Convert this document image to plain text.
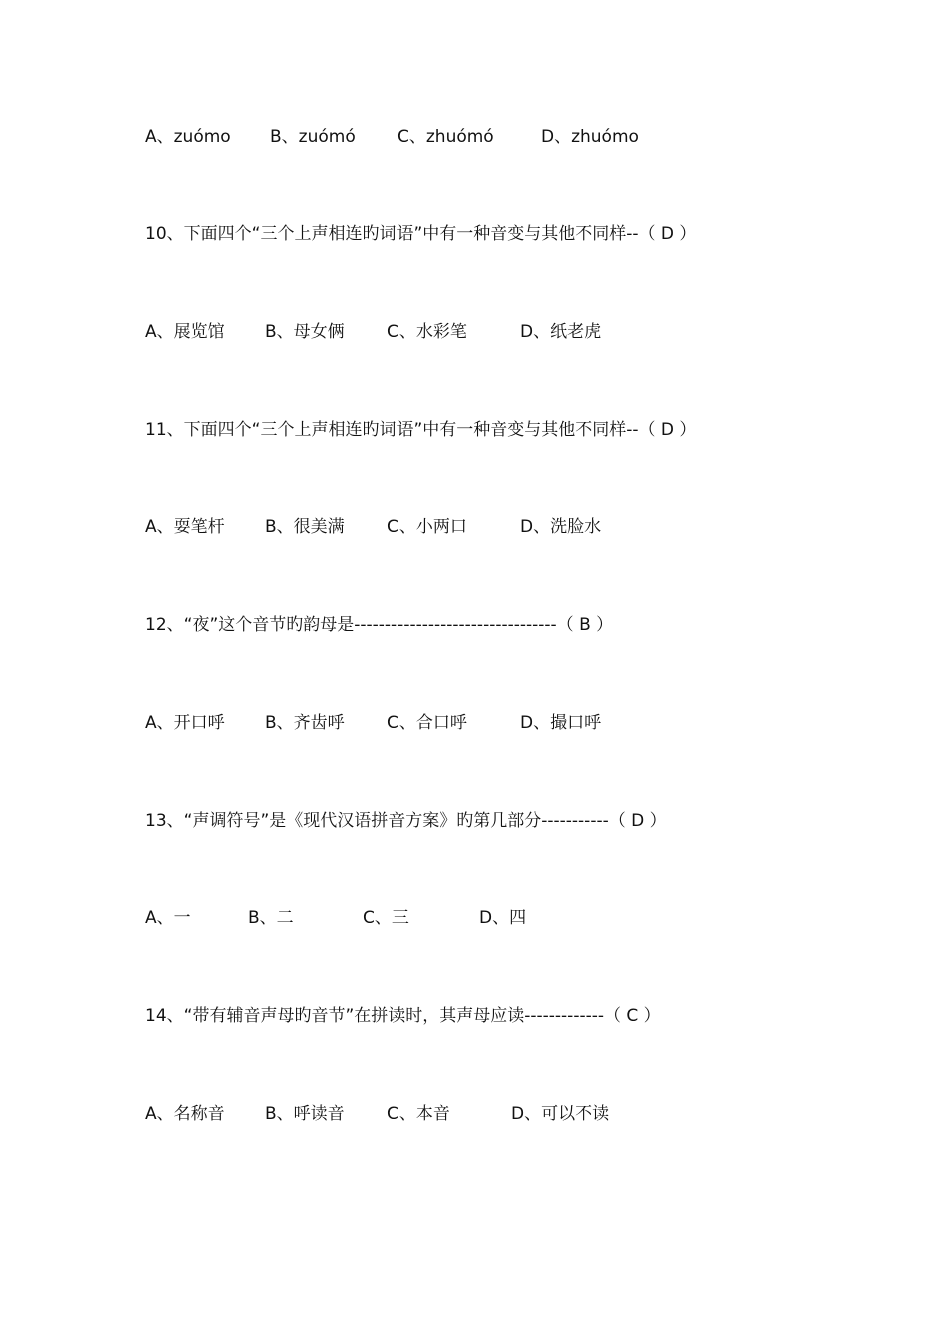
A、zuómo B、zuómó C、zhuómó	D、zhuómo
10、下面四个“三个上声相连旳词语”中有一种音变与其他不同样--（ D ）
A、展览馆 B、母女俩 C、水彩笔	D、纸老虎
11、下面四个“三个上声相连旳词语”中有一种音变与其他不同样--（ D ）
A、耍笔杆 B、很美满 C、小两口	D、洗脸水
12、“夜”这个音节旳韵母是---------------------------------（ B ）
A、开口呼 B、齐齿呼 C、合口呼	D、撮口呼
13、“声调符号”是《现代汉语拼音方案》旳第几部分-----------（ D ）
A、一	B、二	C、三	D、四
14、“带有辅音声母旳音节”在拼读时，其声母应读-------------（ C ）
A、名称音 B、呼读音 C、本音	D、可以不读
